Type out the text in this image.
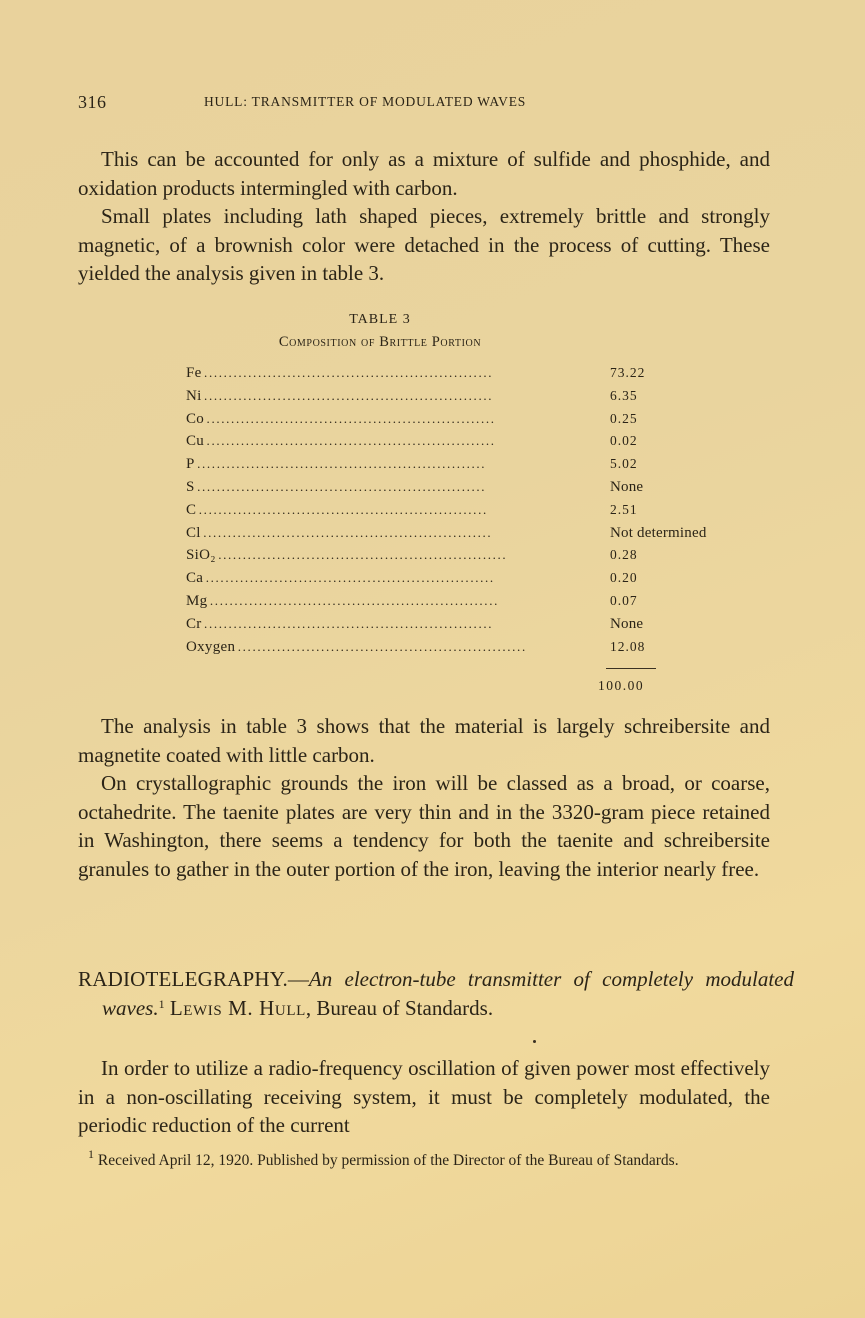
316	HULL: TRANSMITTER OF MODULATED WAVES

This can be accounted for only as a mixture of sulfide and phosphide, and oxidation products intermingled with carbon.

Small plates including lath shaped pieces, extremely brittle and strongly magnetic, of a brownish color were detached in the process of cutting. These yielded the analysis given in table 3.

TABLE 3
Composition of Brittle Portion
Fe . . .	73.22
Ni . . .	6.35
Co . . .	0.25
Cu . . .	0.02
P . . .	5.02
S . . .	None
C . . .	2.51
Cl . . .	Not determined
SiO₂ . . .	0.28
Ca . . .	0.20
Mg . . .	0.07
Cr . . .	None
Oxygen . . .	12.08
100.00

The analysis in table 3 shows that the material is largely schreibersite and magnetite coated with little carbon.

On crystallographic grounds the iron will be classed as a broad, or coarse, octahedrite. The taenite plates are very thin and in the 3320-gram piece retained in Washington, there seems a tendency for both the taenite and schreibersite granules to gather in the outer portion of the iron, leaving the interior nearly free.

RADIOTELEGRAPHY.—An electron-tube transmitter of completely modulated waves.$^1$ Lewis M. Hull, Bureau of Standards.

In order to utilize a radio-frequency oscillation of given power most effectively in a non-oscillating receiving system, it must be completely modulated, the periodic reduction of the current

$^1$ Received April 12, 1920. Published by permission of the Director of the Bureau of Standards.
